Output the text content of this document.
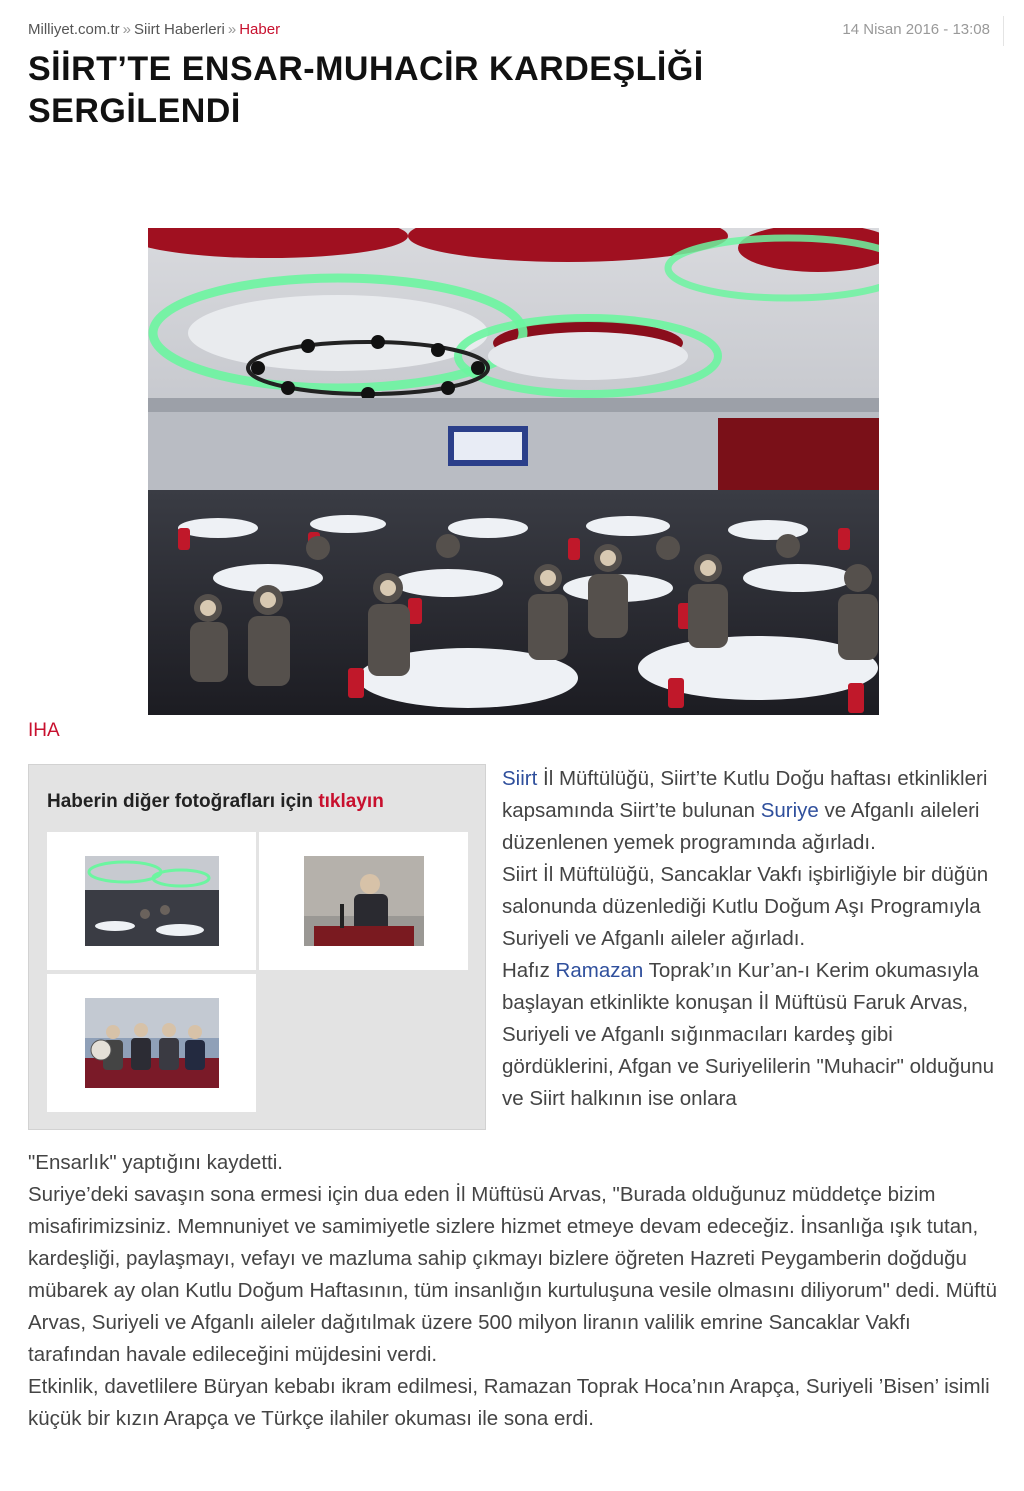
Milliyet.com.tr » Siirt Haberleri » Haber	14 Nisan 2016 - 13:08
SİİRT’TE ENSAR-MUHACİR KARDEŞLİĞİ SERGİLENDİ
IHA
Haberin diğer fotoğrafları için tıklayın

Siirt İl Müftülüğü, Siirt’te Kutlu Doğu haftası etkinlikleri kapsamında Siirt’te bulunan Suriye ve Afganlı aileleri düzenlenen yemek programında ağırladı.

Siirt İl Müftülüğü, Sancaklar Vakfı işbirliğiyle bir düğün salonunda düzenlediği Kutlu Doğum Aşı Programıyla Suriyeli ve Afganlı aileler ağırladı.

Hafız Ramazan Toprak’ın Kur’an-ı Kerim okumasıyla başlayan etkinlikte konuşan İl Müftüsü Faruk Arvas, Suriyeli ve Afganlı sığınmacıları kardeş gibi gördüklerini, Afgan ve Suriyelilerin "Muhacir" olduğunu ve Siirt halkının ise onlara

"Ensarlık" yaptığını kaydetti.

Suriye’deki savaşın sona ermesi için dua eden İl Müftüsü Arvas, "Burada olduğunuz müddetçe bizim misafirimizsiniz. Memnuniyet ve samimiyetle sizlere hizmet etmeye devam edeceğiz. İnsanlığa ışık tutan, kardeşliği, paylaşmayı, vefayı ve mazluma sahip çıkmayı bizlere öğreten Hazreti Peygamberin doğduğu mübarek ay olan Kutlu Doğum Haftasının, tüm insanlığın kurtuluşuna vesile olmasını diliyorum" dedi. Müftü Arvas, Suriyeli ve Afganlı aileler dağıtılmak üzere 500 milyon liranın valilik emrine Sancaklar Vakfı tarafından havale edileceğini müjdesini verdi.

Etkinlik, davetlilere Büryan kebabı ikram edilmesi, Ramazan Toprak Hoca’nın Arapça, Suriyeli ’Bisen’ isimli küçük bir kızın Arapça ve Türkçe ilahiler okuması ile sona erdi.
